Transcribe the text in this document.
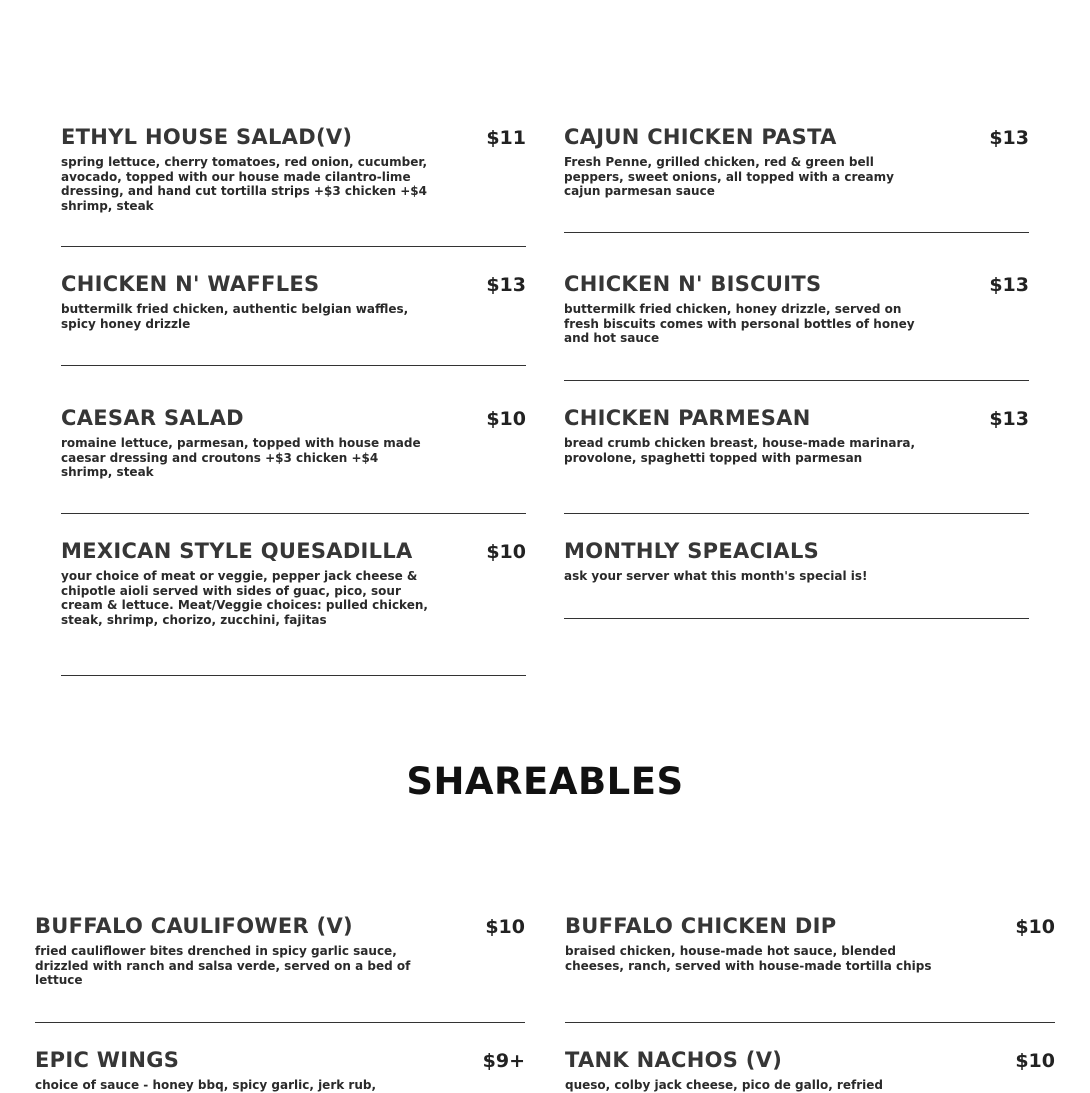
ETHYL HOUSE SALAD(V)	$11
spring lettuce, cherry tomatoes, red onion, cucumber, avocado, topped with our house made cilantro-lime dressing, and hand cut tortilla strips +$3 chicken +$4 shrimp, steak
CHICKEN N' WAFFLES	$13
buttermilk fried chicken, authentic belgian waffles, spicy honey drizzle
CAESAR SALAD	$10
romaine lettuce, parmesan, topped with house made caesar dressing and croutons +$3 chicken +$4 shrimp, steak
MEXICAN STYLE QUESADILLA	$10
your choice of meat or veggie, pepper jack cheese & chipotle aioli served with sides of guac, pico, sour cream & lettuce. Meat/Veggie choices: pulled chicken, steak, shrimp, chorizo, zucchini, fajitas
CAJUN CHICKEN PASTA	$13
Fresh Penne, grilled chicken, red & green bell peppers, sweet onions, all topped with a creamy cajun parmesan sauce
CHICKEN N' BISCUITS	$13
buttermilk fried chicken, honey drizzle, served on fresh biscuits comes with personal bottles of honey and hot sauce
CHICKEN PARMESAN	$13
bread crumb chicken breast, house-made marinara, provolone, spaghetti topped with parmesan
MONTHLY SPEACIALS
ask your server what this month's special is!
SHAREABLES
BUFFALO CAULIFOWER (V)	$10
fried cauliflower bites drenched in spicy garlic sauce, drizzled with ranch and salsa verde, served on a bed of lettuce
EPIC WINGS	$9+
choice of sauce - honey bbq, spicy garlic, jerk rub,
BUFFALO CHICKEN DIP	$10
braised chicken, house-made hot sauce, blended cheeses, ranch, served with house-made tortilla chips
TANK NACHOS (V)	$10
queso, colby jack cheese, pico de gallo, refried
